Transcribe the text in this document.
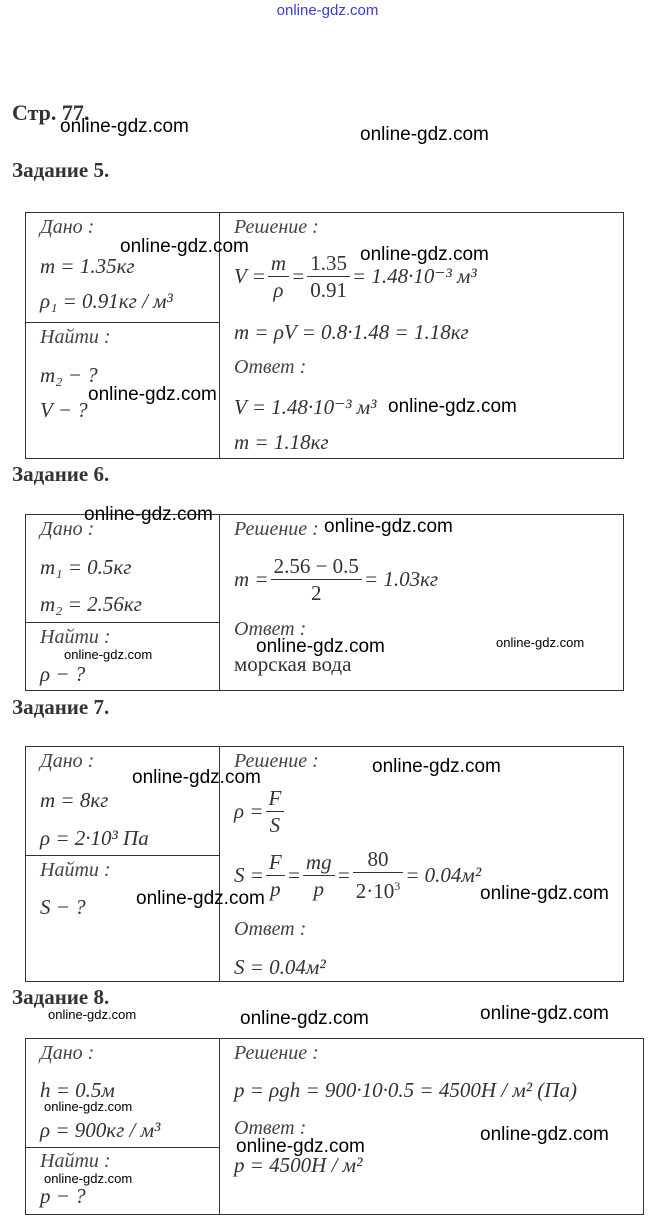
online-gdz.com
Стр. 77.
Задание 5.
Дано :
m = 1.35кг
ρ₁ = 0.91кг / м³
Найти :
m₂ − ?
V − ?
Решение :
$V = \frac{m}{\rho} = \frac{1.35}{0.91} = 1.48\cdot 10^{-3}$ м³
m = ρV = 0.8·1.48 = 1.18кг
Ответ :
V = 1.48·10⁻³ м³
m = 1.18кг
Задание 6.
Дано :
m₁ = 0.5кг
m₂ = 2.56кг
Найти :
ρ − ?
Решение :
$m = \frac{2.56 - 0.5}{2} = 1.03кг$
Ответ :
морская вода
Задание 7.
Дано :
m = 8кг
ρ = 2·10³ Па
Найти :
S − ?
Решение :
$\rho = \frac{F}{S}$
$S = \frac{F}{p} = \frac{mg}{p} = \frac{80}{2\cdot 10^3} = 0.04м^2$
Ответ :
S = 0.04м²
Задание 8.
Дано :
h = 0.5м
ρ = 900кг / м³
Найти :
p − ?
Решение :
p = ρgh = 900·10·0.5 = 4500Н / м² (Па)
Ответ :
p = 4500Н / м²
online-gdz.com	online-gdz.com
online-gdz.com	online-gdz.com
online-gdz.com
online-gdz.com
online-gdz.com
online-gdz.com
online-gdz.com	online-gdz.com	online-gdz.com
online-gdz.com
online-gdz.com
online-gdz.com	online-gdz.com
online-gdz.com	online-gdz.com	online-gdz.com
online-gdz.com
online-gdz.com
online-gdz.com
online-gdz.com
